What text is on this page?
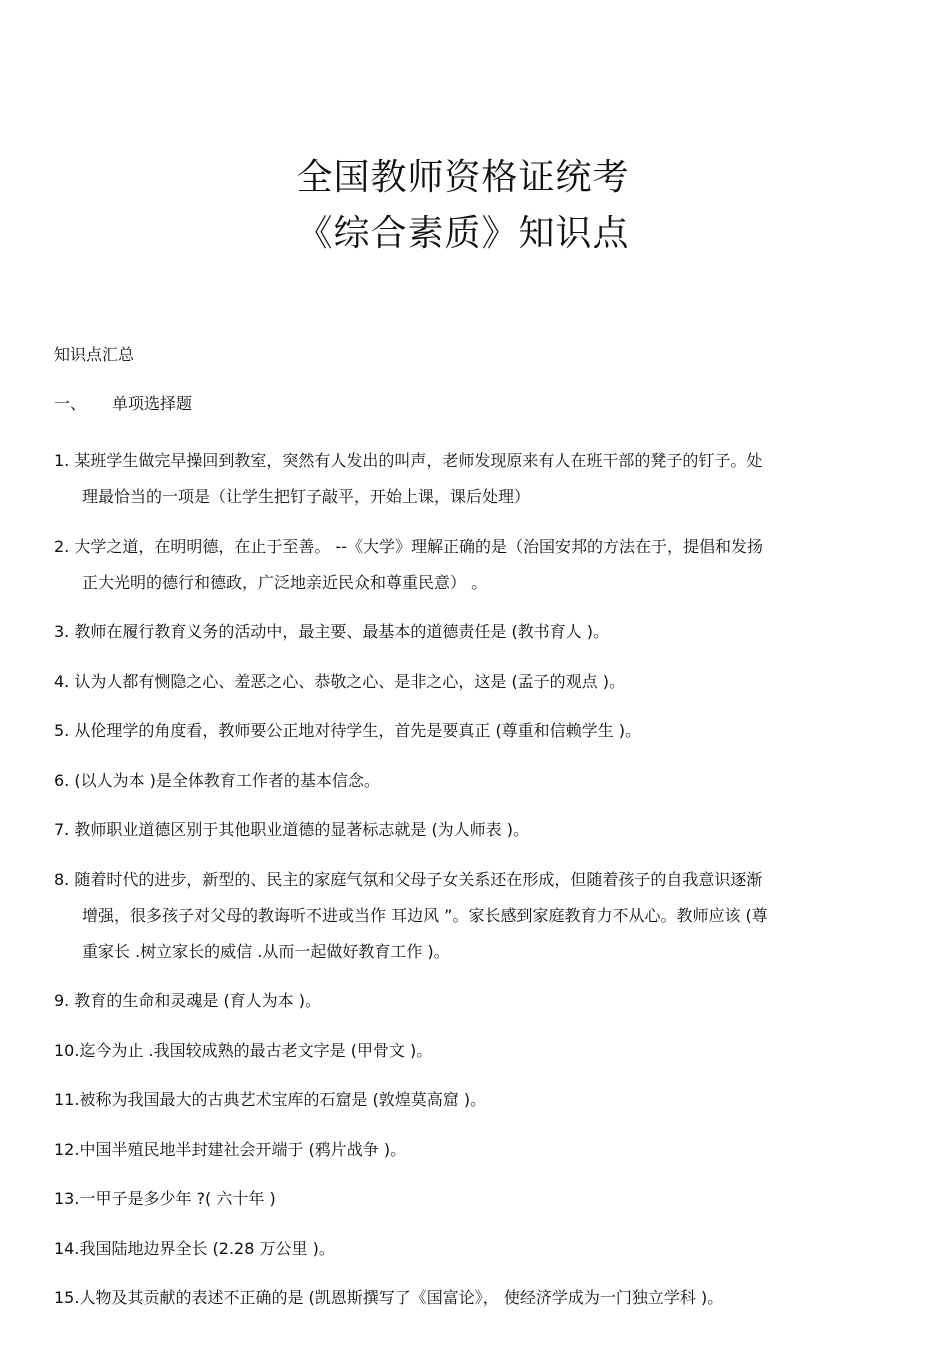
全国教师资格证统考
《综合素质》知识点
知识点汇总
一、 单项选择题
1. 某班学生做完早操回到教室，突然有人发出的叫声，老师发现原来有人在班干部的凳子的钉子。处
理最恰当的一项是（让学生把钉子敲平，开始上课，课后处理）
2. 大学之道，在明明德，在止于至善。 --《大学》理解正确的是（治国安邦的方法在于，提倡和发扬
正大光明的德行和德政，广泛地亲近民众和尊重民意） 。
3. 教师在履行教育义务的活动中，最主要、最基本的道德责任是 (教书育人 )。
4. 认为人都有恻隐之心、羞恶之心、恭敬之心、是非之心，这是 (孟子的观点 )。
5. 从伦理学的角度看，教师要公正地对待学生，首先是要真正 (尊重和信赖学生 )。
6. (以人为本 )是全体教育工作者的基本信念。
7. 教师职业道德区别于其他职业道德的显著标志就是 (为人师表 )。
8. 随着时代的进步，新型的、民主的家庭气氛和父母子女关系还在形成，但随着孩子的自我意识逐渐
增强，很多孩子对父母的教诲听不进或当作 耳边风 ”。家长感到家庭教育力不从心。教师应该 (尊
重家长 .树立家长的威信 .从而一起做好教育工作 )。
9. 教育的生命和灵魂是 (育人为本 )。
10.迄今为止 .我国较成熟的最古老文字是 (甲骨文 )。
11.被称为我国最大的古典艺术宝库的石窟是 (敦煌莫高窟 )。
12.中国半殖民地半封建社会开端于 (鸦片战争 )。
13.一甲子是多少年 ?( 六十年 )
14.我国陆地边界全长 (2.28 万公里 )。
15.人物及其贡献的表述不正确的是 (凯恩斯撰写了《国富论》， 使经济学成为一门独立学科 )。
